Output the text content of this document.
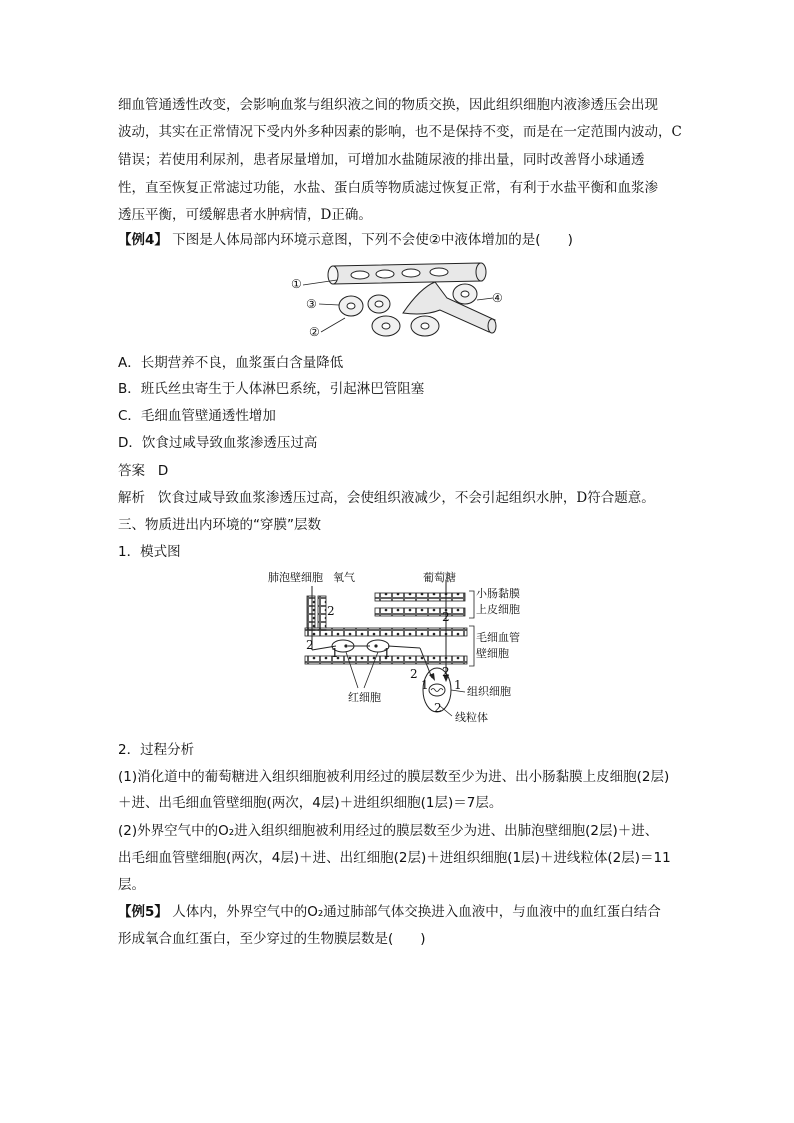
细血管通透性改变，会影响血浆与组织液之间的物质交换，因此组织细胞内液渗透压会出现
波动，其实在正常情况下受内外多种因素的影响，也不是保持不变，而是在一定范围内波动，C
错误；若使用利尿剂，患者尿量增加，可增加水盐随尿液的排出量，同时改善肾小球通透
性，直至恢复正常滤过功能，水盐、蛋白质等物质滤过恢复正常，有利于水盐平衡和血浆渗
透压平衡，可缓解患者水肿病情，D正确。
【例4】 下图是人体局部内环境示意图，下列不会使②中液体增加的是(　　)
①
③
②
④
A．长期营养不良，血浆蛋白含量降低
B．班氏丝虫寄生于人体淋巴系统，引起淋巴管阻塞
C．毛细血管壁通透性增加
D．饮食过咸导致血浆渗透压过高
答案 D
解析 饮食过咸导致血浆渗透压过高，会使组织液减少，不会引起组织水肿，D符合题意。
三、物质进出内环境的“穿膜”层数
1．模式图
肺泡壁细胞 氧气	葡萄糖
小肠黏膜
上皮细胞
毛细血管
壁细胞
红细胞	组织细胞
线粒体
2
2
1	1
2
1
2
2
1
2
2．过程分析
(1)消化道中的葡萄糖进入组织细胞被利用经过的膜层数至少为进、出小肠黏膜上皮细胞(2层)
＋进、出毛细血管壁细胞(两次，4层)＋进组织细胞(1层)＝7层。
(2)外界空气中的O₂进入组织细胞被利用经过的膜层数至少为进、出肺泡壁细胞(2层)＋进、
出毛细血管壁细胞(两次，4层)＋进、出红细胞(2层)＋进组织细胞(1层)＋进线粒体(2层)＝11
层。
【例5】 人体内，外界空气中的O₂通过肺部气体交换进入血液中，与血液中的血红蛋白结合
形成氧合血红蛋白，至少穿过的生物膜层数是(　　)
